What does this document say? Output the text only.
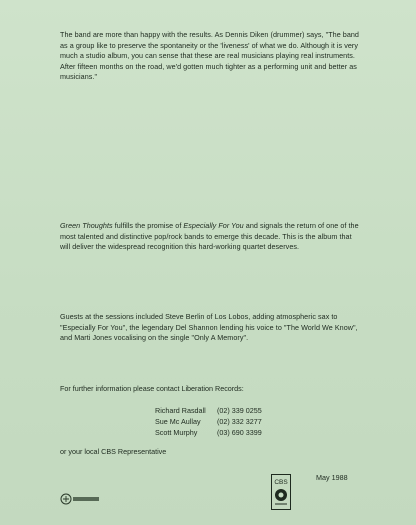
The band are more than happy with the results. As Dennis Diken (drummer) says, "The band as a group like to preserve the spontaneity or the 'liveness' of what we do. Although it is very much a studio album, you can sense that these are real musicians playing real instruments. After fifteen months on the road, we'd gotten much tighter as a performing unit and better as musicians."
Green Thoughts fulfills the promise of Especially For You and signals the return of one of the most talented and distinctive pop/rock bands to emerge this decade. This is the album that will deliver the widespread recognition this hard-working quartet deserves.
Guests at the sessions included Steve Berlin of Los Lobos, adding atmospheric sax to "Especially For You", the legendary Del Shannon lending his voice to "The World We Know", and Marti Jones vocalising on the single "Only A Memory".
For further information please contact Liberation Records:
Richard Rasdall	(02) 339 0255
Sue Mc Aullay	(02) 332 3277
Scott Murphy	(03) 690 3399
or your local CBS Representative
May 1988
CBS
